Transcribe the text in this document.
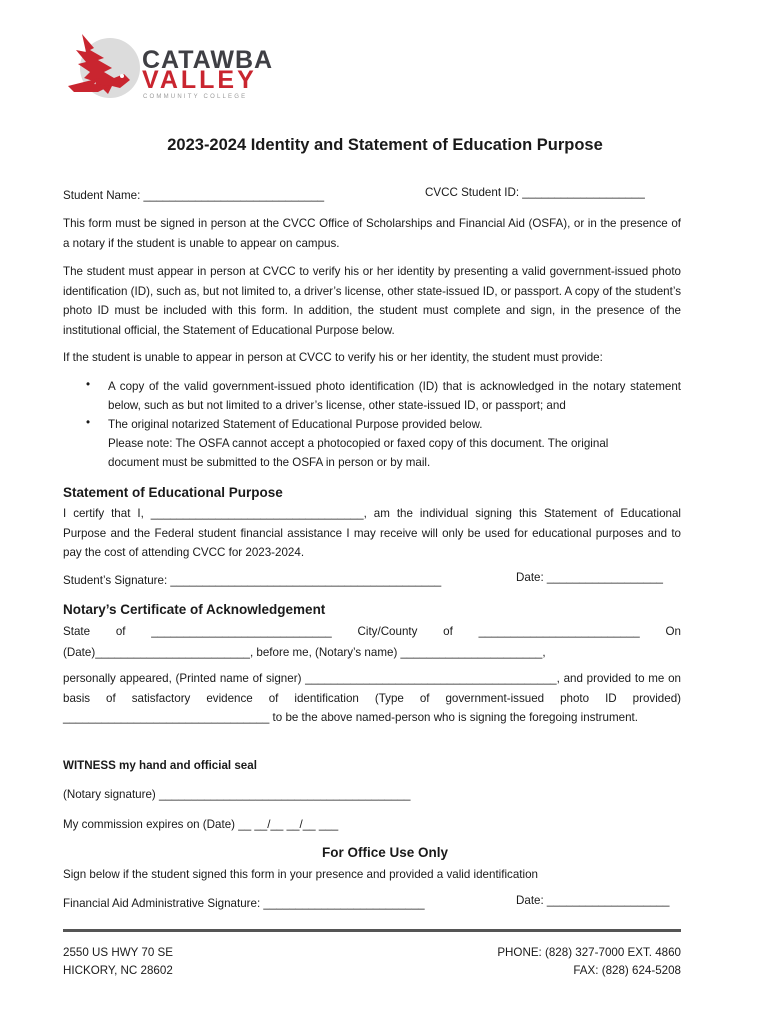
CATAWBA
VALLEY
COMMUNITY COLLEGE
2023-2024 Identity and Statement of Education Purpose
Student Name: ____________________________	CVCC Student ID: ___________________
This form must be signed in person at the CVCC Office of Scholarships and Financial Aid (OSFA), or in the presence of a notary if the student is unable to appear on campus.
The student must appear in person at CVCC to verify his or her identity by presenting a valid government-issued photo identification (ID), such as, but not limited to, a driver’s license, other state-issued ID, or passport. A copy of the student’s photo ID must be included with this form. In addition, the student must complete and sign, in the presence of the institutional official, the Statement of Educational Purpose below.
If the student is unable to appear in person at CVCC to verify his or her identity, the student must provide:
• A copy of the valid government-issued photo identification (ID) that is acknowledged in the notary statement below, such as but not limited to a driver’s license, other state-issued ID, or passport; and
• The original notarized Statement of Educational Purpose provided below.
Please note: The OSFA cannot accept a photocopied or faxed copy of this document. The original
document must be submitted to the OSFA in person or by mail.
Statement of Educational Purpose
I certify that I, _________________________________, am the individual signing this Statement of Educational Purpose and the Federal student financial assistance I may receive will only be used for educational purposes and to pay the cost of attending CVCC for 2023-2024.
Student’s Signature: __________________________________________	Date: __________________
Notary’s Certificate of Acknowledgement
State of ____________________________ City/County of _________________________ On
(Date)________________________, before me, (Notary’s name) ______________________,
personally appeared, (Printed name of signer) _______________________________________, and provided to me on basis of satisfactory evidence of identification (Type of government-issued photo ID provided) ________________________________ to be the above named-person who is signing the foregoing instrument.
WITNESS my hand and official seal
(Notary signature) _______________________________________
My commission expires on (Date) __ __/__ __/__ ___
For Office Use Only
Sign below if the student signed this form in your presence and provided a valid identification
Financial Aid Administrative Signature: _________________________	Date: ___________________
2550 US HWY 70 SE
HICKORY, NC 28602
PHONE: (828) 327-7000 EXT. 4860
FAX: (828) 624-5208
